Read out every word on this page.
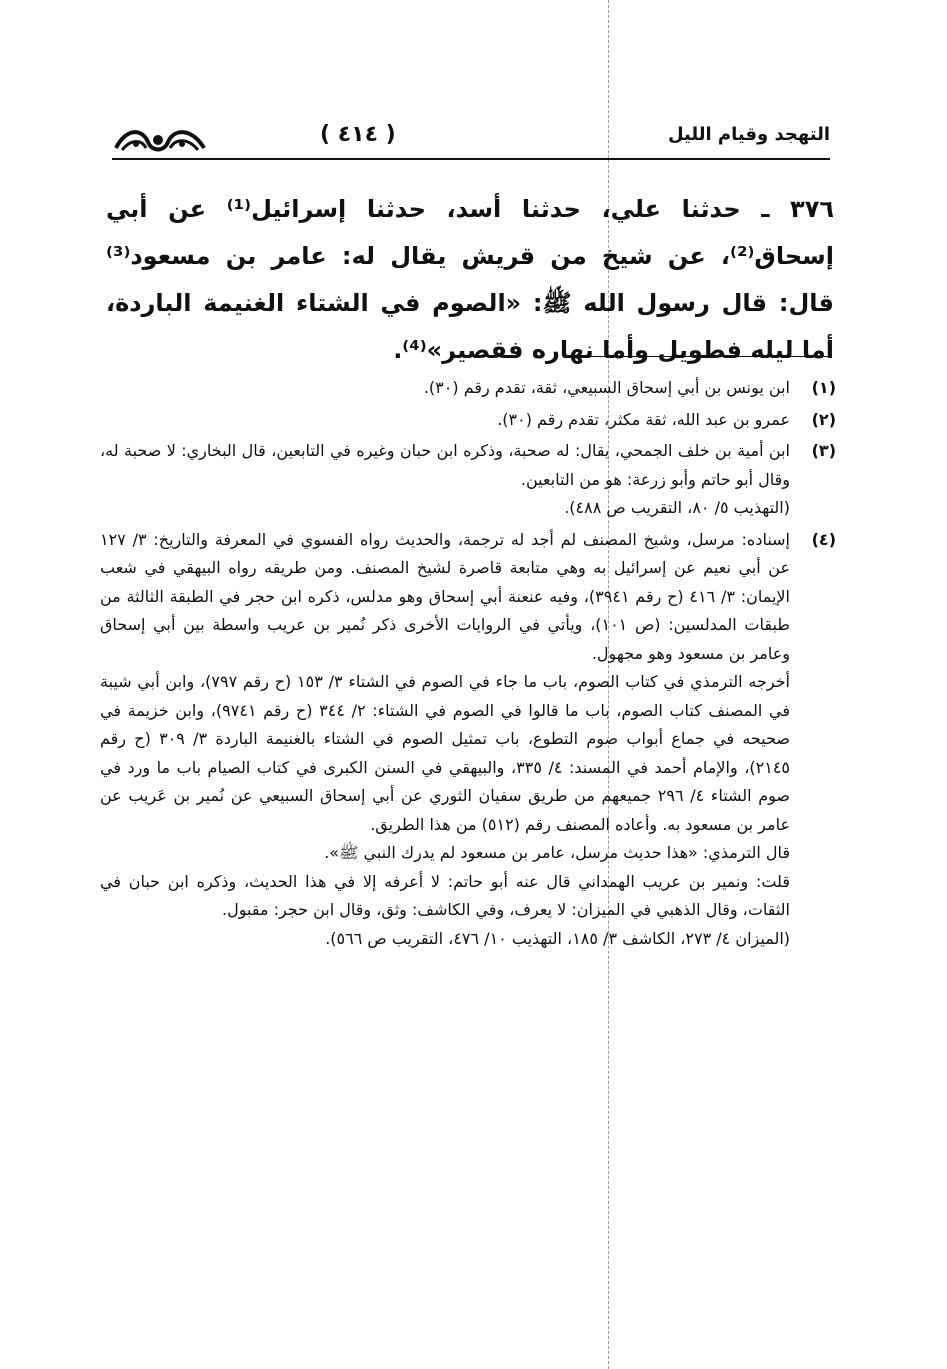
( ٤١٤ )	التهجد وقيام الليل
٣٧٦ ـ حدثنا علي، حدثنا أسد، حدثنا إسرائيل⁽¹⁾ عن أبي إسحاق⁽²⁾، عن شيخ من قريش يقال له: عامر بن مسعود⁽³⁾ قال: قال رسول الله ﷺ: «الصوم في الشتاء الغنيمة الباردة، أما ليله فطويل وأما نهاره فقصير»⁽⁴⁾.
(١)

ابن يونس بن أبي إسحاق السبيعي، ثقة، تقدم رقم (٣٠).

(٢)

عمرو بن عبد الله، ثقة مكثر، تقدم رقم (٣٠).

(٣)

ابن أمية بن خلف الجمحي، يقال: له صحبة، وذكره ابن حبان وغيره في التابعين، قال البخاري: لا صحبة له، وقال أبو حاتم وأبو زرعة: هو من التابعين.

(التهذيب ٥/ ٨٠، التقريب ص ٤٨٨).

(٤)

إسناده: مرسل، وشيخ المصنف لم أجد له ترجمة، والحديث رواه الفسوي في المعرفة والتاريخ: ٣/ ١٢٧ عن أبي نعيم عن إسرائيل به وهي متابعة قاصرة لشيخ المصنف. ومن طريقه رواه البيهقي في شعب الإيمان: ٣/ ٤١٦ (ح رقم ٣٩٤١)، وفيه عنعنة أبي إسحاق وهو مدلس، ذكره ابن حجر في الطبقة الثالثة من طبقات المدلسين: (ص ١٠١)، ويأتي في الروايات الأخرى ذكر نُمير بن عريب واسطة بين أبي إسحاق وعامر بن مسعود وهو مجهول.

أخرجه الترمذي في كتاب الصوم، باب ما جاء في الصوم في الشتاء ٣/ ١٥٣ (ح رقم ٧٩٧)، وابن أبي شيبة في المصنف كتاب الصوم، باب ما قالوا في الصوم في الشتاء: ٢/ ٣٤٤ (ح رقم ٩٧٤١)، وابن خزيمة في صحيحه في جماع أبواب صوم التطوع، باب تمثيل الصوم في الشتاء بالغنيمة الباردة ٣/ ٣٠٩ (ح رقم ٢١٤٥)، والإمام أحمد في المسند: ٤/ ٣٣٥، والبيهقي في السنن الكبرى في كتاب الصيام باب ما ورد في صوم الشتاء ٤/ ٢٩٦ جميعهم من طريق سفيان الثوري عن أبي إسحاق السبيعي عن نُمير بن عَريب عن عامر بن مسعود به. وأعاده المصنف رقم (٥١٢) من هذا الطريق.

قال الترمذي: «هذا حديث مرسل، عامر بن مسعود لم يدرك النبي ﷺ».

قلت: ونمير بن عريب الهمداني قال عنه أبو حاتم: لا أعرفه إلا في هذا الحديث، وذكره ابن حبان في الثقات، وقال الذهبي في الميزان: لا يعرف، وفي الكاشف: وثق، وقال ابن حجر: مقبول.

(الميزان ٤/ ٢٧٣، الكاشف ٣/ ١٨٥، التهذيب ١٠/ ٤٧٦، التقريب ص ٥٦٦).
